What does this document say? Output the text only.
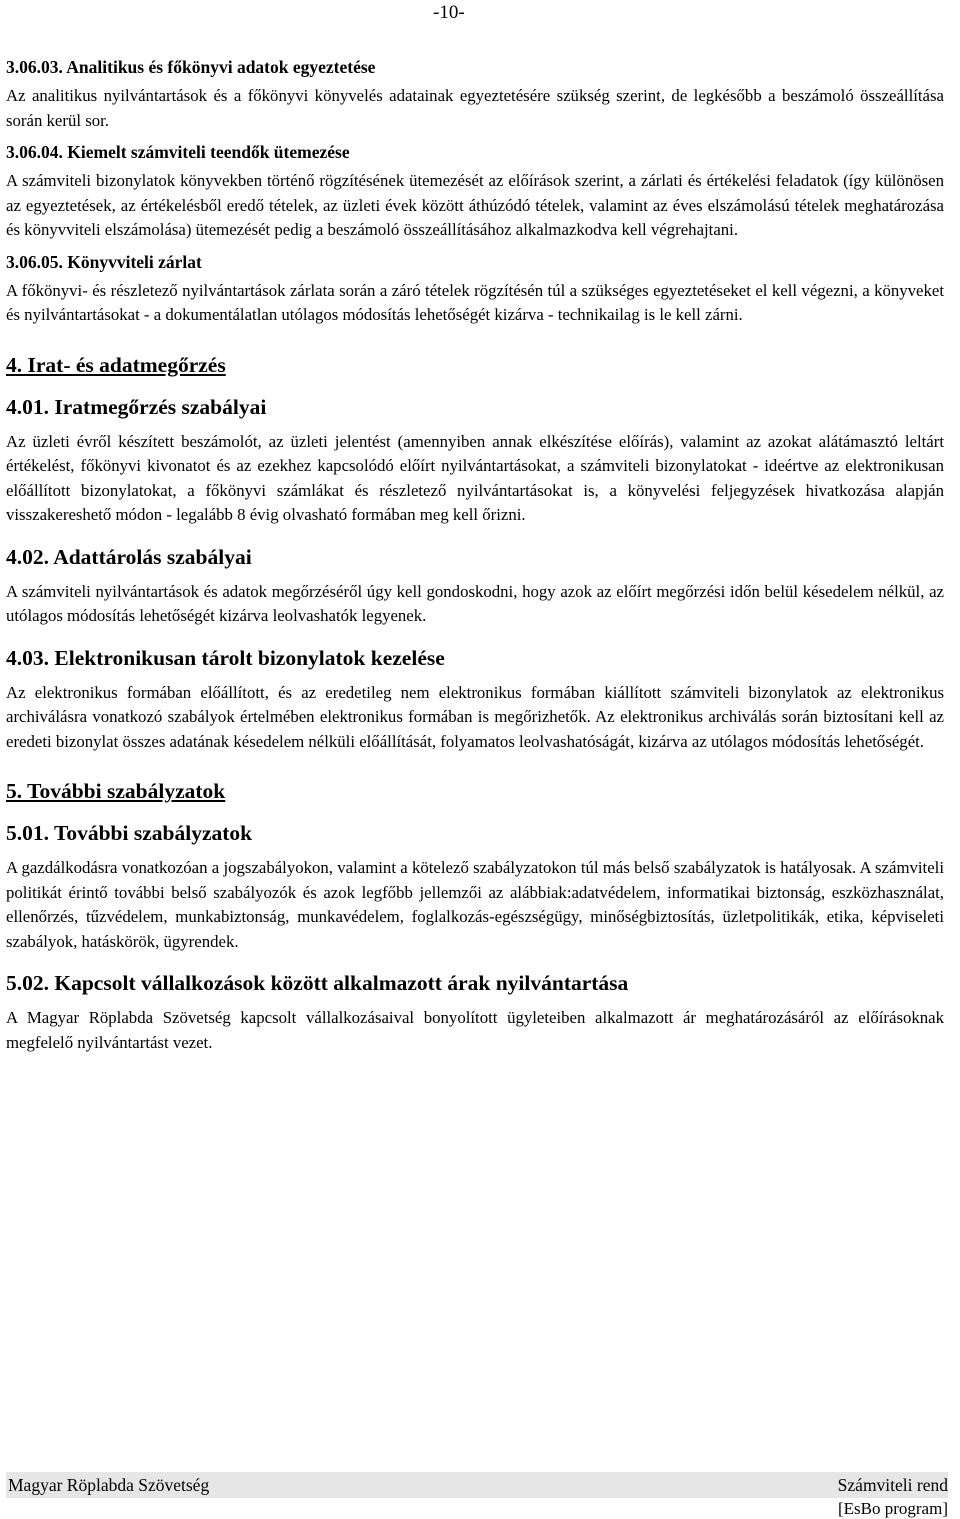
-10-
3.06.03. Analitikus és főkönyvi adatok egyeztetése
Az analitikus nyilvántartások és a főkönyvi könyvelés adatainak egyeztetésére szükség szerint, de legkésőbb a beszámoló összeállítása során kerül sor.
3.06.04. Kiemelt számviteli teendők ütemezése
A számviteli bizonylatok könyvekben történő rögzítésének ütemezését az előírások szerint, a zárlati és értékelési feladatok (így különösen az egyeztetések, az értékelésből eredő tételek, az üzleti évek között áthúzódó tételek, valamint az éves elszámolású tételek meghatározása és könyvviteli elszámolása) ütemezését pedig a beszámoló összeállításához alkalmazkodva kell végrehajtani.
3.06.05. Könyvviteli zárlat
A főkönyvi- és részletező nyilvántartások zárlata során a záró tételek rögzítésén túl a szükséges egyeztetéseket el kell végezni, a könyveket és nyilvántartásokat - a dokumentálatlan utólagos módosítás lehetőségét kizárva - technikailag is le kell zárni.
4. Irat- és adatmegőrzés
4.01. Iratmegőrzés szabályai
Az üzleti évről készített beszámolót, az üzleti jelentést (amennyiben annak elkészítése előírás), valamint az azokat alátámasztó leltárt értékelést, főkönyvi kivonatot és az ezekhez kapcsolódó előírt nyilvántartásokat, a számviteli bizonylatokat - ideértve az elektronikusan előállított bizonylatokat, a főkönyvi számlákat és részletező nyilvántartásokat is, a könyvelési feljegyzések hivatkozása alapján visszakereshető módon - legalább 8 évig olvasható formában meg kell őrizni.
4.02. Adattárolás szabályai
A számviteli nyilvántartások és adatok megőrzéséről úgy kell gondoskodni, hogy azok az előírt megőrzési időn belül késedelem nélkül, az utólagos módosítás lehetőségét kizárva leolvashatók legyenek.
4.03. Elektronikusan tárolt bizonylatok kezelése
Az elektronikus formában előállított, és az eredetileg nem elektronikus formában kiállított számviteli bizonylatok az elektronikus archiválásra vonatkozó szabályok értelmében elektronikus formában is megőrizhetők. Az elektronikus archiválás során biztosítani kell az eredeti bizonylat összes adatának késedelem nélküli előállítását, folyamatos leolvashatóságát, kizárva az utólagos módosítás lehetőségét.
5. További szabályzatok
5.01. További szabályzatok
A gazdálkodásra vonatkozóan a jogszabályokon, valamint a kötelező szabályzatokon túl más belső szabályzatok is hatályosak. A számviteli politikát érintő további belső szabályozók és azok legfőbb jellemzői az alábbiak:adatvédelem, informatikai biztonság, eszközhasználat, ellenőrzés, tűzvédelem, munkabiztonság, munkavédelem, foglalkozás-egészségügy, minőségbiztosítás, üzletpolitikák, etika, képviseleti szabályok, hatáskörök, ügyrendek.
5.02. Kapcsolt vállalkozások között alkalmazott árak nyilvántartása
A Magyar Röplabda Szövetség kapcsolt vállalkozásaival bonyolított ügyleteiben alkalmazott ár meghatározásáról az előírásoknak megfelelő nyilvántartást vezet.
Magyar Röplabda Szövetség	Számviteli rend
[EsBo program]
